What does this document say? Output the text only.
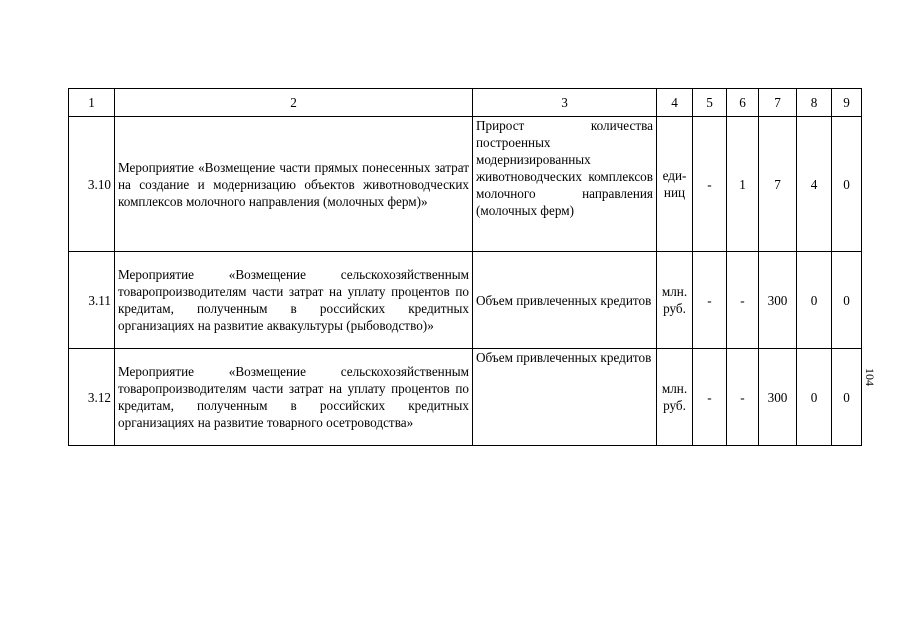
1	2	3	4	5	6	7	8	9
3.10	Мероприятие «Возмещение части прямых понесенных затрат на создание и модернизацию объектов животноводческих комплексов молочного направления (молочных ферм)»	Прирост количества построенных модернизированных животноводческих комплексов молочного направления (молочных ферм)	еди-ниц	-	1	7	4	0
3.11	Мероприятие «Возмещение сельскохозяйственным товаропроизводителям части затрат на уплату процентов по кредитам, полученным в российских кредитных организациях на развитие аквакультуры (рыбоводство)»	Объем привлеченных кредитов	млн. руб.	-	-	300	0	0
3.12	Мероприятие «Возмещение сельскохозяйственным товаропроизводителям части затрат на уплату процентов по кредитам, полученным в российских кредитных организациях на развитие товарного осетроводства»	Объем привлеченных кредитов	млн. руб.	-	-	300	0	0
104
